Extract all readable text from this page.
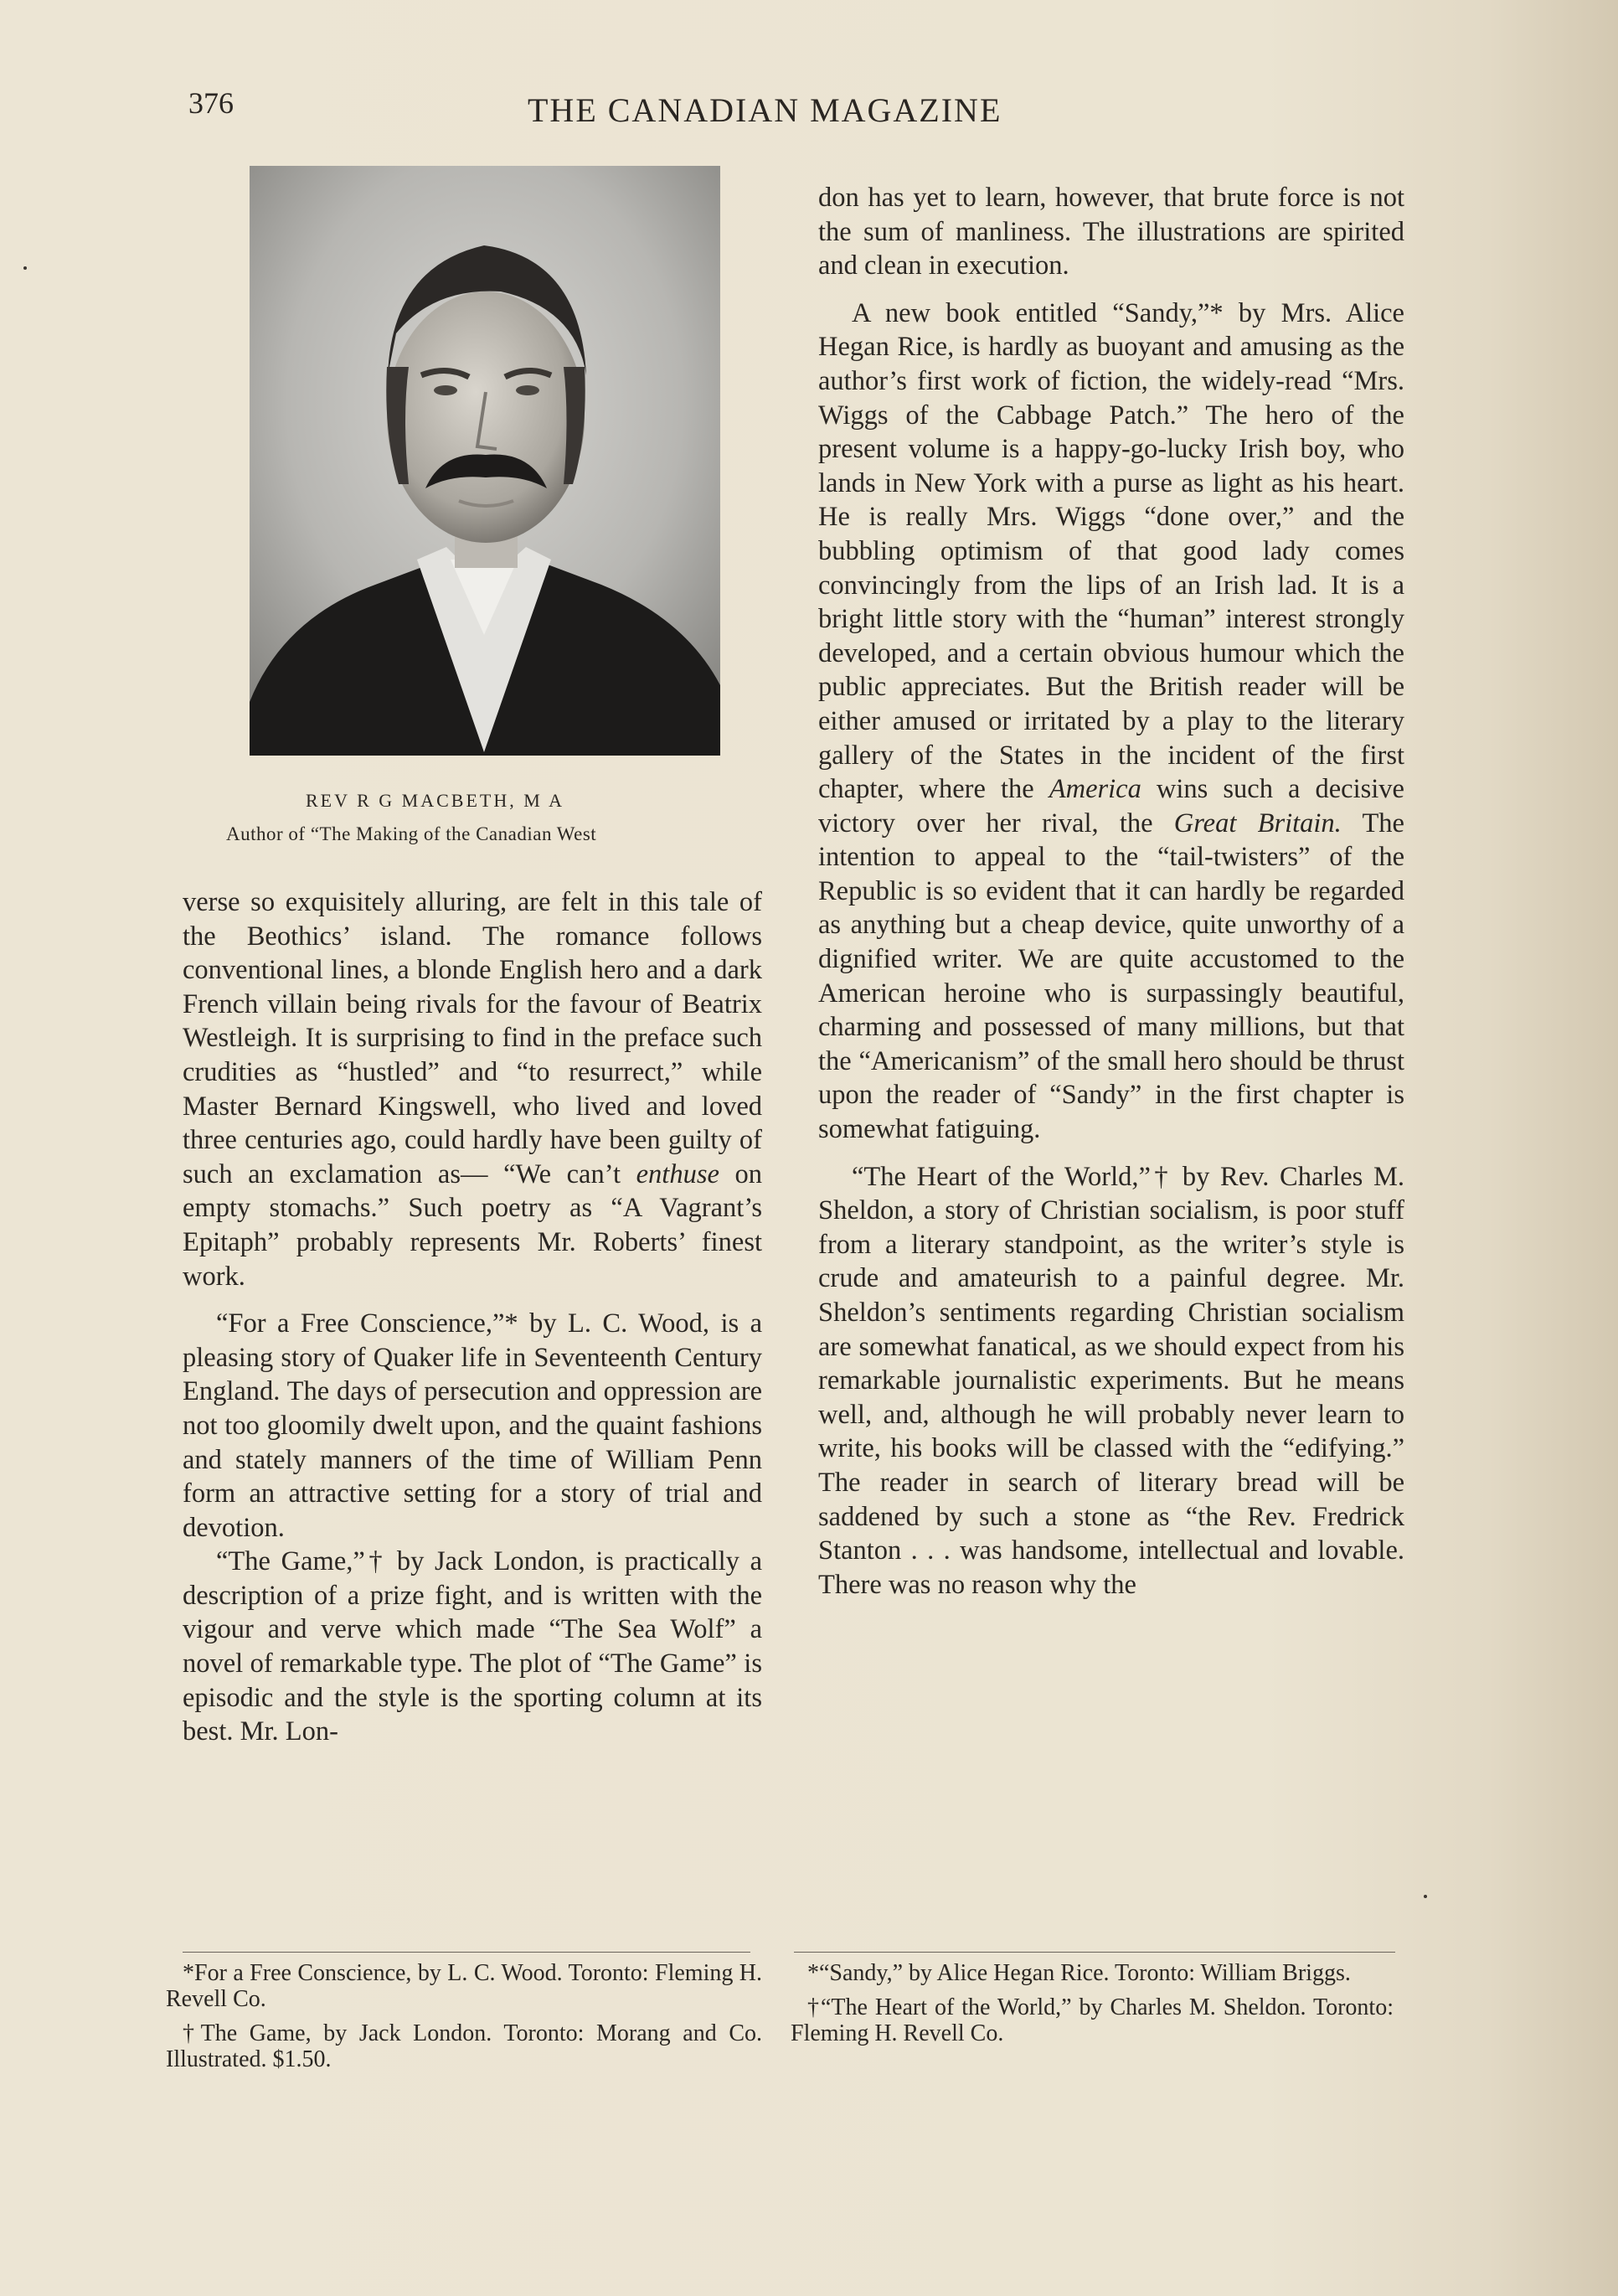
376	THE CANADIAN MAGAZINE
REV R G MACBETH, M A
Author of “The Making of the Canadian West

verse so exquisitely alluring, are felt in this tale of the Beothics’ island. The romance follows conventional lines, a blonde English hero and a dark French villain being rivals for the favour of Beatrix Westleigh. It is surprising to find in the preface such crudities as “hustled” and “to resurrect,” while Master Bernard Kingswell, who lived and loved three centuries ago, could hardly have been guilty of such an exclamation as— “We can’t enthuse on empty stomachs.” Such poetry as “A Vagrant’s Epitaph” probably represents Mr. Roberts’ finest work.

“For a Free Conscience,”* by L. C. Wood, is a pleasing story of Quaker life in Seventeenth Century England. The days of persecution and oppression are not too gloomily dwelt upon, and the quaint fashions and stately manners of the time of William Penn form an attractive setting for a story of trial and devotion.

“The Game,”† by Jack London, is practically a description of a prize fight, and is written with the vigour and verve which made “The Sea Wolf” a novel of remarkable type. The plot of “The Game” is episodic and the style is the sporting column at its best. Mr. Lon-

don has yet to learn, however, that brute force is not the sum of manliness. The illustrations are spirited and clean in execution.

A new book entitled “Sandy,”* by Mrs. Alice Hegan Rice, is hardly as buoyant and amusing as the author’s first work of fiction, the widely-read “Mrs. Wiggs of the Cabbage Patch.” The hero of the present volume is a happy-go-lucky Irish boy, who lands in New York with a purse as light as his heart. He is really Mrs. Wiggs “done over,” and the bubbling optimism of that good lady comes convincingly from the lips of an Irish lad. It is a bright little story with the “human” interest strongly developed, and a certain obvious humour which the public appreciates. But the British reader will be either amused or irritated by a play to the literary gallery of the States in the incident of the first chapter, where the America wins such a decisive victory over her rival, the Great Britain. The intention to appeal to the “tail-twisters” of the Republic is so evident that it can hardly be regarded as anything but a cheap device, quite unworthy of a dignified writer. We are quite accustomed to the American heroine who is surpassingly beautiful, charming and possessed of many millions, but that the “Americanism” of the small hero should be thrust upon the reader of “Sandy” in the first chapter is somewhat fatiguing.

“The Heart of the World,”† by Rev. Charles M. Sheldon, a story of Christian socialism, is poor stuff from a literary standpoint, as the writer’s style is crude and amateurish to a painful degree. Mr. Sheldon’s sentiments regarding Christian socialism are somewhat fanatical, as we should expect from his remarkable journalistic experiments. But he means well, and, although he will probably never learn to write, his books will be classed with the “edifying.” The reader in search of literary bread will be saddened by such a stone as “the Rev. Fredrick Stanton . . . was handsome, intellectual and lovable. There was no reason why the

*For a Free Conscience, by L. C. Wood. Toronto: Fleming H. Revell Co.

†The Game, by Jack London. Toronto: Morang and Co. Illustrated. $1.50.

*“Sandy,” by Alice Hegan Rice. Toronto: William Briggs.

†“The Heart of the World,” by Charles M. Sheldon. Toronto: Fleming H. Revell Co.
